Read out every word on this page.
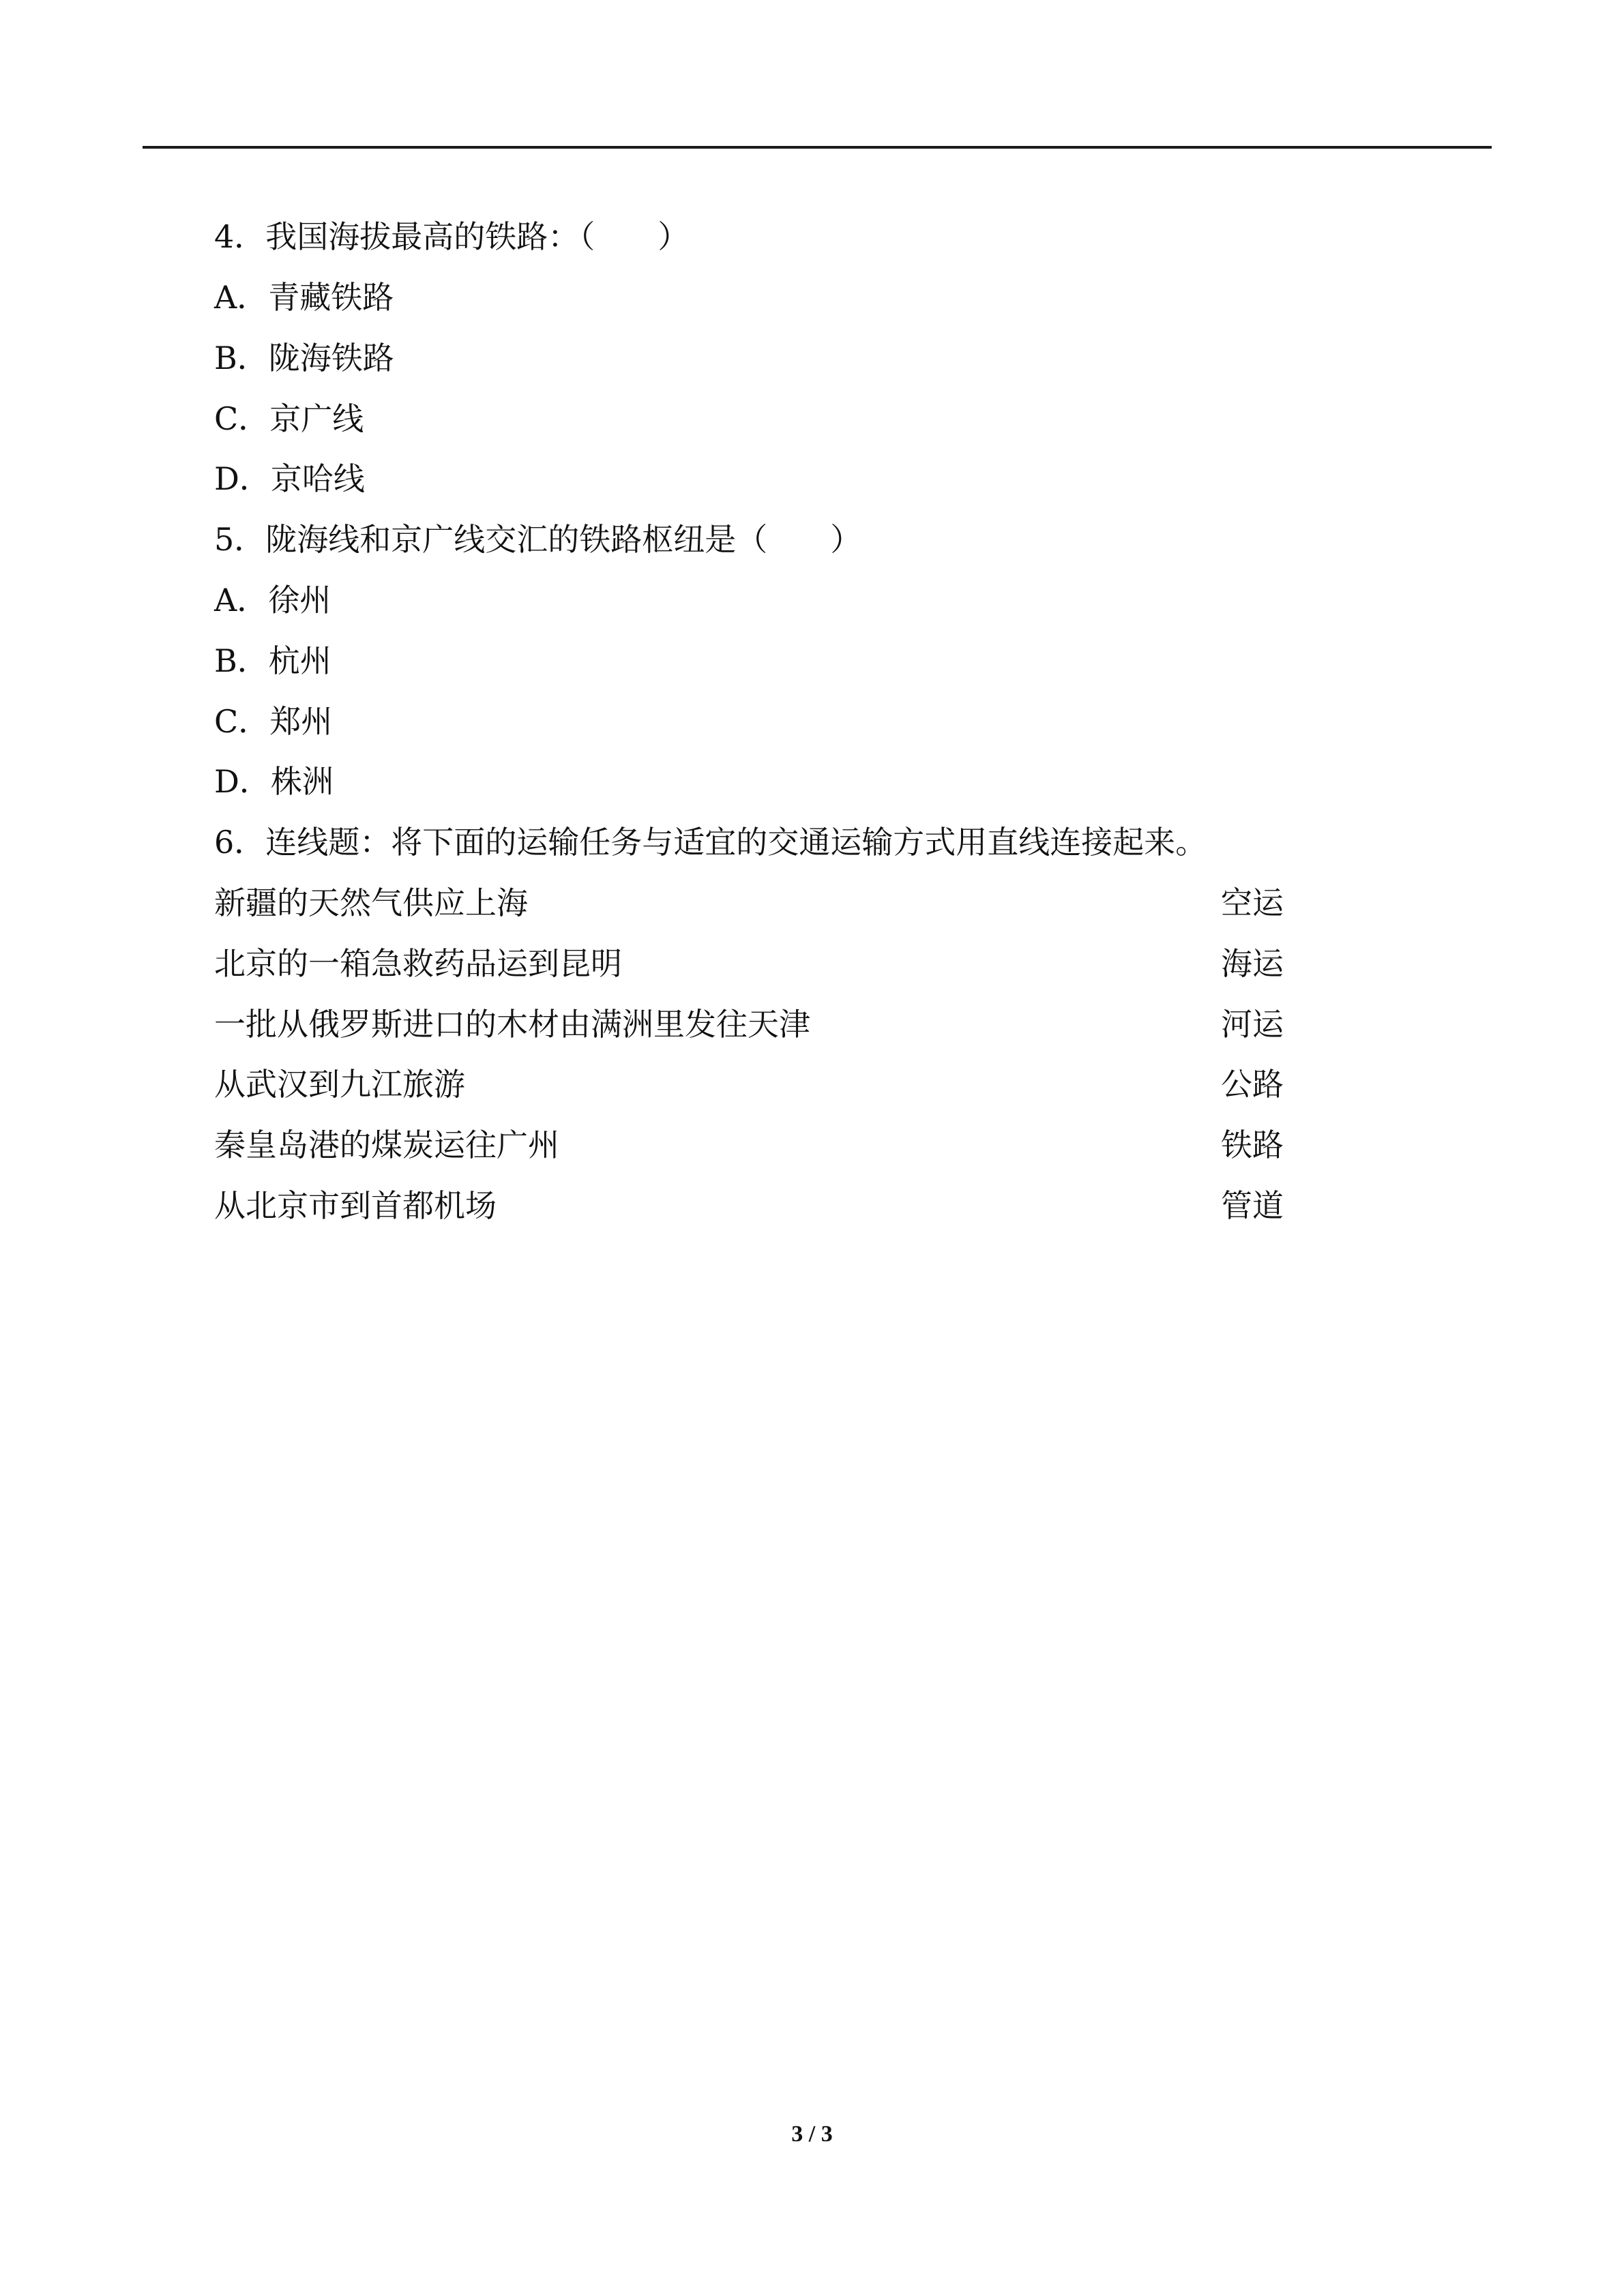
4．我国海拔最高的铁路：（　　）
A．青藏铁路
B．陇海铁路
C．京广线
D．京哈线
5．陇海线和京广线交汇的铁路枢纽是（　　）
A．徐州
B．杭州
C．郑州
D．株洲
6．连线题：将下面的运输任务与适宜的交通运输方式用直线连接起来。
新疆的天然气供应上海	空运
北京的一箱急救药品运到昆明	海运
一批从俄罗斯进口的木材由满洲里发往天津	河运
从武汉到九江旅游	公路
秦皇岛港的煤炭运往广州	铁路
从北京市到首都机场	管道
3 / 3
